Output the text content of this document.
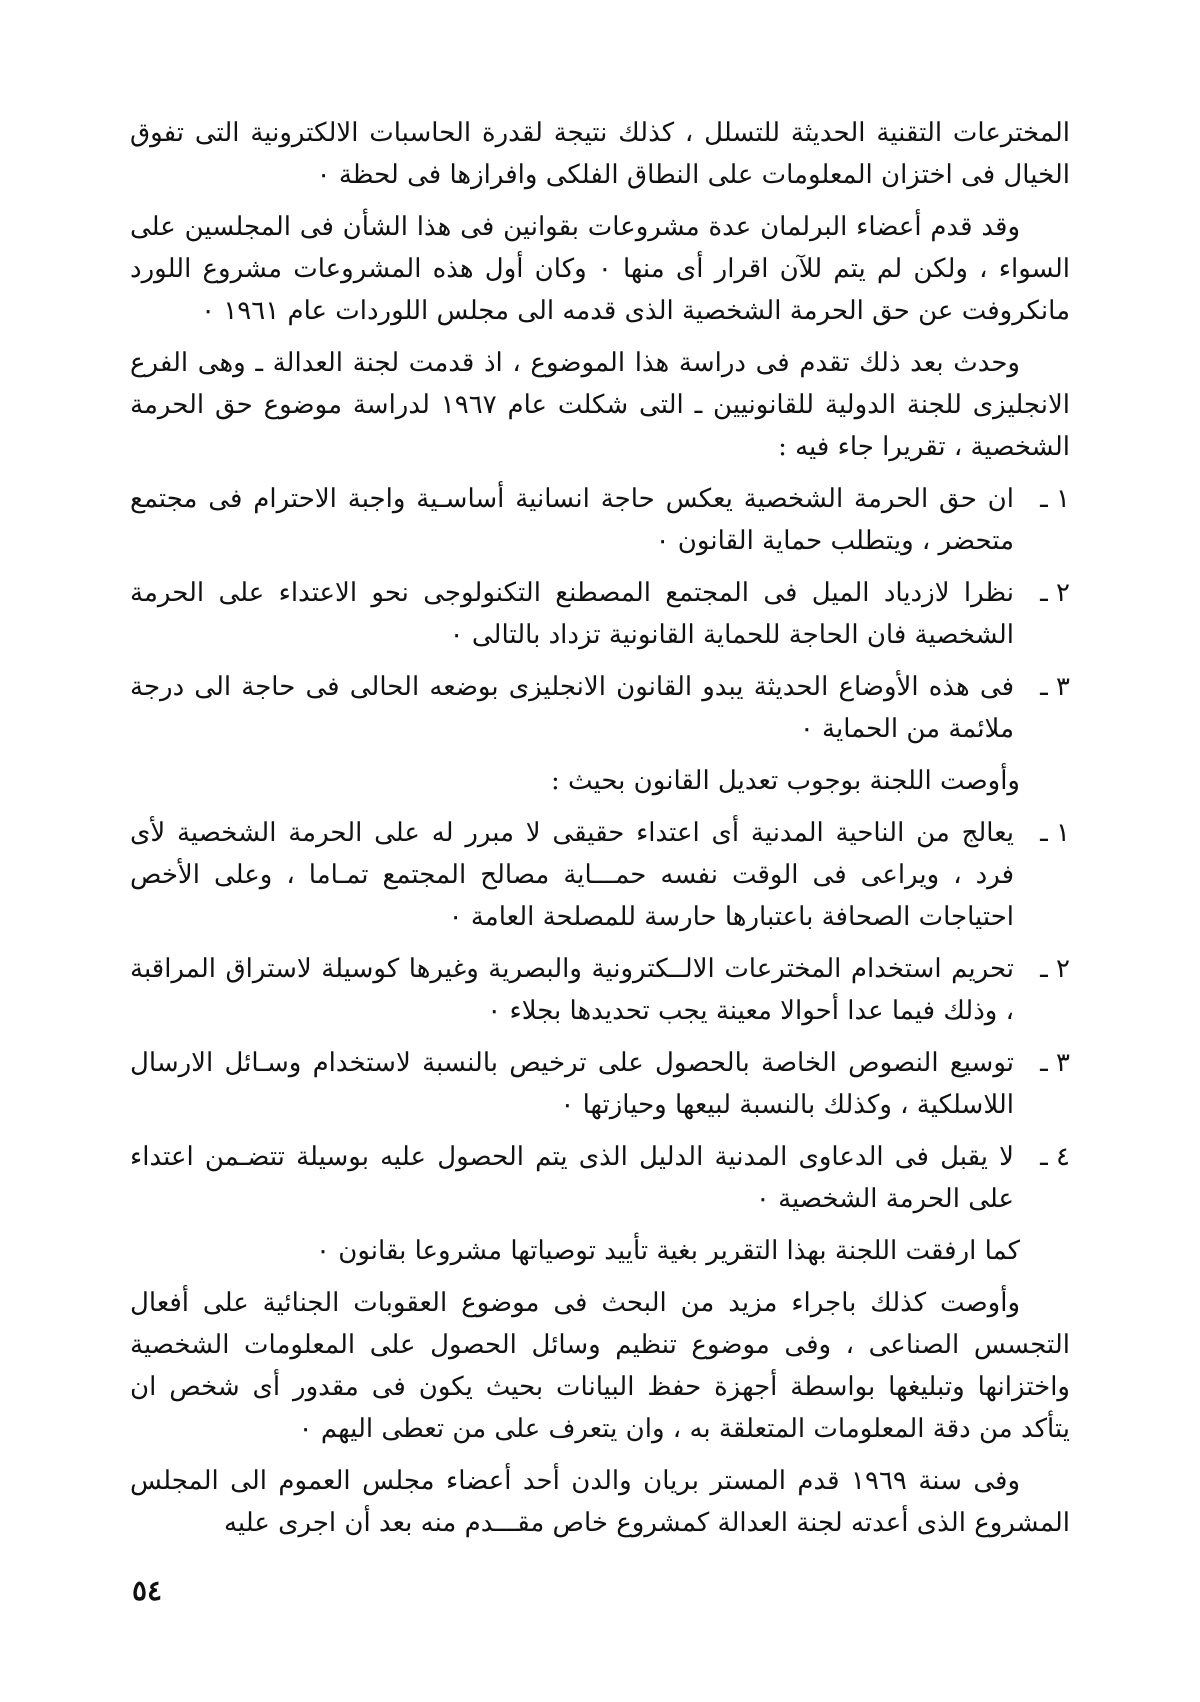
المخترعات التقنية الحديثة للتسلل ، كذلك نتيجة لقدرة الحاسبات الالكترونية التى تفوق الخيال فى اختزان المعلومات على النطاق الفلكى وافرازها فى لحظة ٠

وقد قدم أعضاء البرلمان عدة مشروعات بقوانين فى هذا الشأن فى المجلسين على السواء ، ولكن لم يتم للآن اقرار أى منها ٠ وكان أول هذه المشروعات مشروع اللورد مانكروفت عن حق الحرمة الشخصية الذى قدمه الى مجلس اللوردات عام ١٩٦١ ٠

وحدث بعد ذلك تقدم فى دراسة هذا الموضوع ، اذ قدمت لجنة العدالة ـ وهى الفرع الانجليزى للجنة الدولية للقانونيين ـ التى شكلت عام ١٩٦٧ لدراسة موضوع حق الحرمة الشخصية ، تقريرا جاء فيه :

١ ـ
ان حق الحرمة الشخصية يعكس حاجة انسانية أساسـية واجبة الاحترام فى مجتمع متحضر ، ويتطلب حماية القانون ٠
٢ ـ
نظرا لازدياد الميل فى المجتمع المصطنع التكنولوجى نحو الاعتداء على الحرمة الشخصية فان الحاجة للحماية القانونية تزداد بالتالى ٠
٣ ـ
فى هذه الأوضاع الحديثة يبدو القانون الانجليزى بوضعه الحالى فى حاجة الى درجة ملائمة من الحماية ٠

وأوصت اللجنة بوجوب تعديل القانون بحيث :

١ ـ
يعالج من الناحية المدنية أى اعتداء حقيقى لا مبرر له على الحرمة الشخصية لأى فرد ، ويراعى فى الوقت نفسه حمـــاية مصالح المجتمع تمـاما ، وعلى الأخص احتياجات الصحافة باعتبارها حارسة للمصلحة العامة ٠
٢ ـ
تحريم استخدام المخترعات الالــكترونية والبصرية وغيرها كوسيلة لاستراق المراقبة ، وذلك فيما عدا أحوالا معينة يجب تحديدها بجلاء ٠
٣ ـ
توسيع النصوص الخاصة بالحصول على ترخيص بالنسبة لاستخدام وسـائل الارسال اللاسلكية ، وكذلك بالنسبة لبيعها وحيازتها ٠
٤ ـ
لا يقبل فى الدعاوى المدنية الدليل الذى يتم الحصول عليه بوسيلة تتضـمن اعتداء على الحرمة الشخصية ٠

كما ارفقت اللجنة بهذا التقرير بغية تأييد توصياتها مشروعا بقانون ٠

وأوصت كذلك باجراء مزيد من البحث فى موضوع العقوبات الجنائية على أفعال التجسس الصناعى ، وفى موضوع تنظيم وسائل الحصول على المعلومات الشخصية واختزانها وتبليغها بواسطة أجهزة حفظ البيانات بحيث يكون فى مقدور أى شخص ان يتأكد من دقة المعلومات المتعلقة به ، وان يتعرف على من تعطى اليهم ٠

وفى سنة ١٩٦٩ قدم المستر بريان والدن أحد أعضاء مجلس العموم الى المجلس المشروع الذى أعدته لجنة العدالة كمشروع خاص مقـــدم منه بعد أن اجرى عليه

٥٤
